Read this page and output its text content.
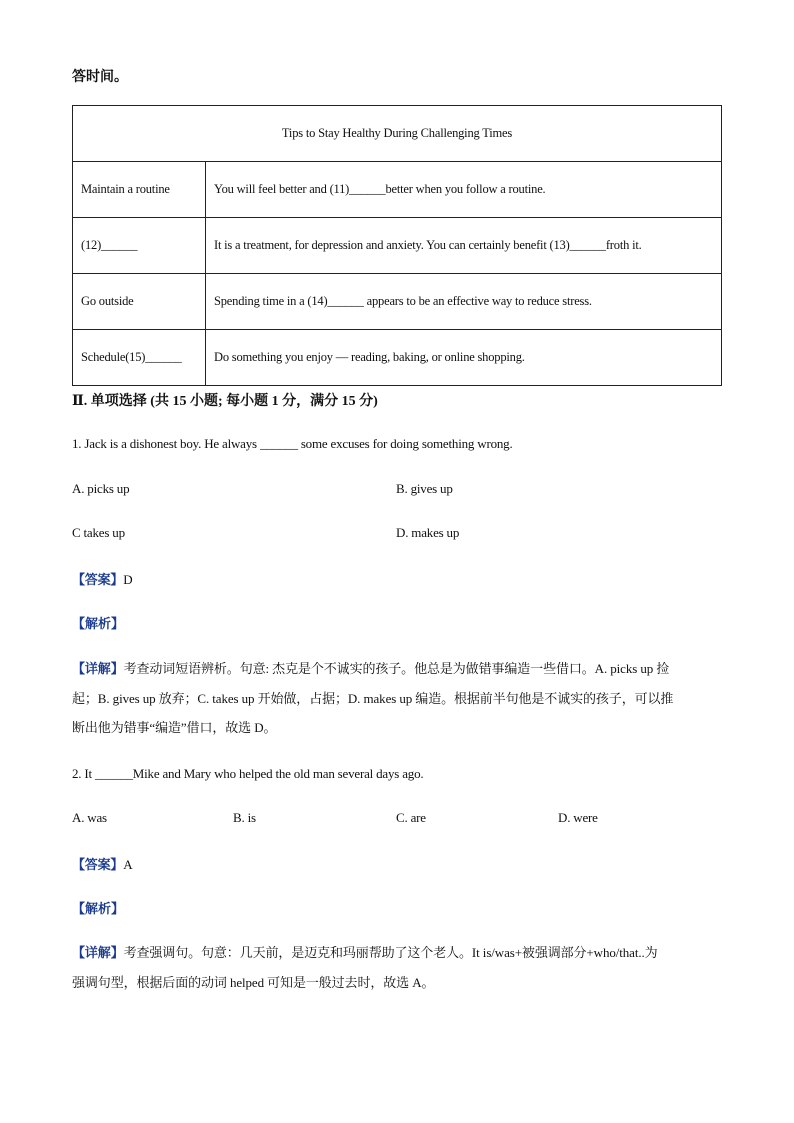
答时间。
Tips to Stay Healthy During Challenging Times	
Maintain a routine	You will feel better and (11)______better when you follow a routine.
(12)______	It is a treatment, for depression and anxiety. You can certainly benefit (13)______froth it.
Go outside	Spending time in a (14)______ appears to be an effective way to reduce stress.
Schedule(15)______	Do something you enjoy — reading, baking, or online shopping.
Ⅱ. 单项选择 (共 15 小题; 每小题 1 分，满分 15 分)
1. Jack is a dishonest boy. He always ______ some excuses for doing something wrong.
A. picks up	B. gives up
C takes up	D. makes up
【答案】D
【解析】
【详解】考查动词短语辨析。句意: 杰克是个不诚实的孩子。他总是为做错事编造一些借口。A. picks up 捡
起；B. gives up 放弃；C. takes up 开始做，占据；D. makes up 编造。根据前半句他是不诚实的孩子，可以推
断出他为错事“编造”借口，故选 D。
2. It ______Mike and Mary who helped the old man several days ago.
A. was	B. is	C. are	D. were
【答案】A
【解析】
【详解】考查强调句。句意：几天前，是迈克和玛丽帮助了这个老人。It is/was+被强调部分+who/that..为
强调句型，根据后面的动词 helped 可知是一般过去时，故选 A。
